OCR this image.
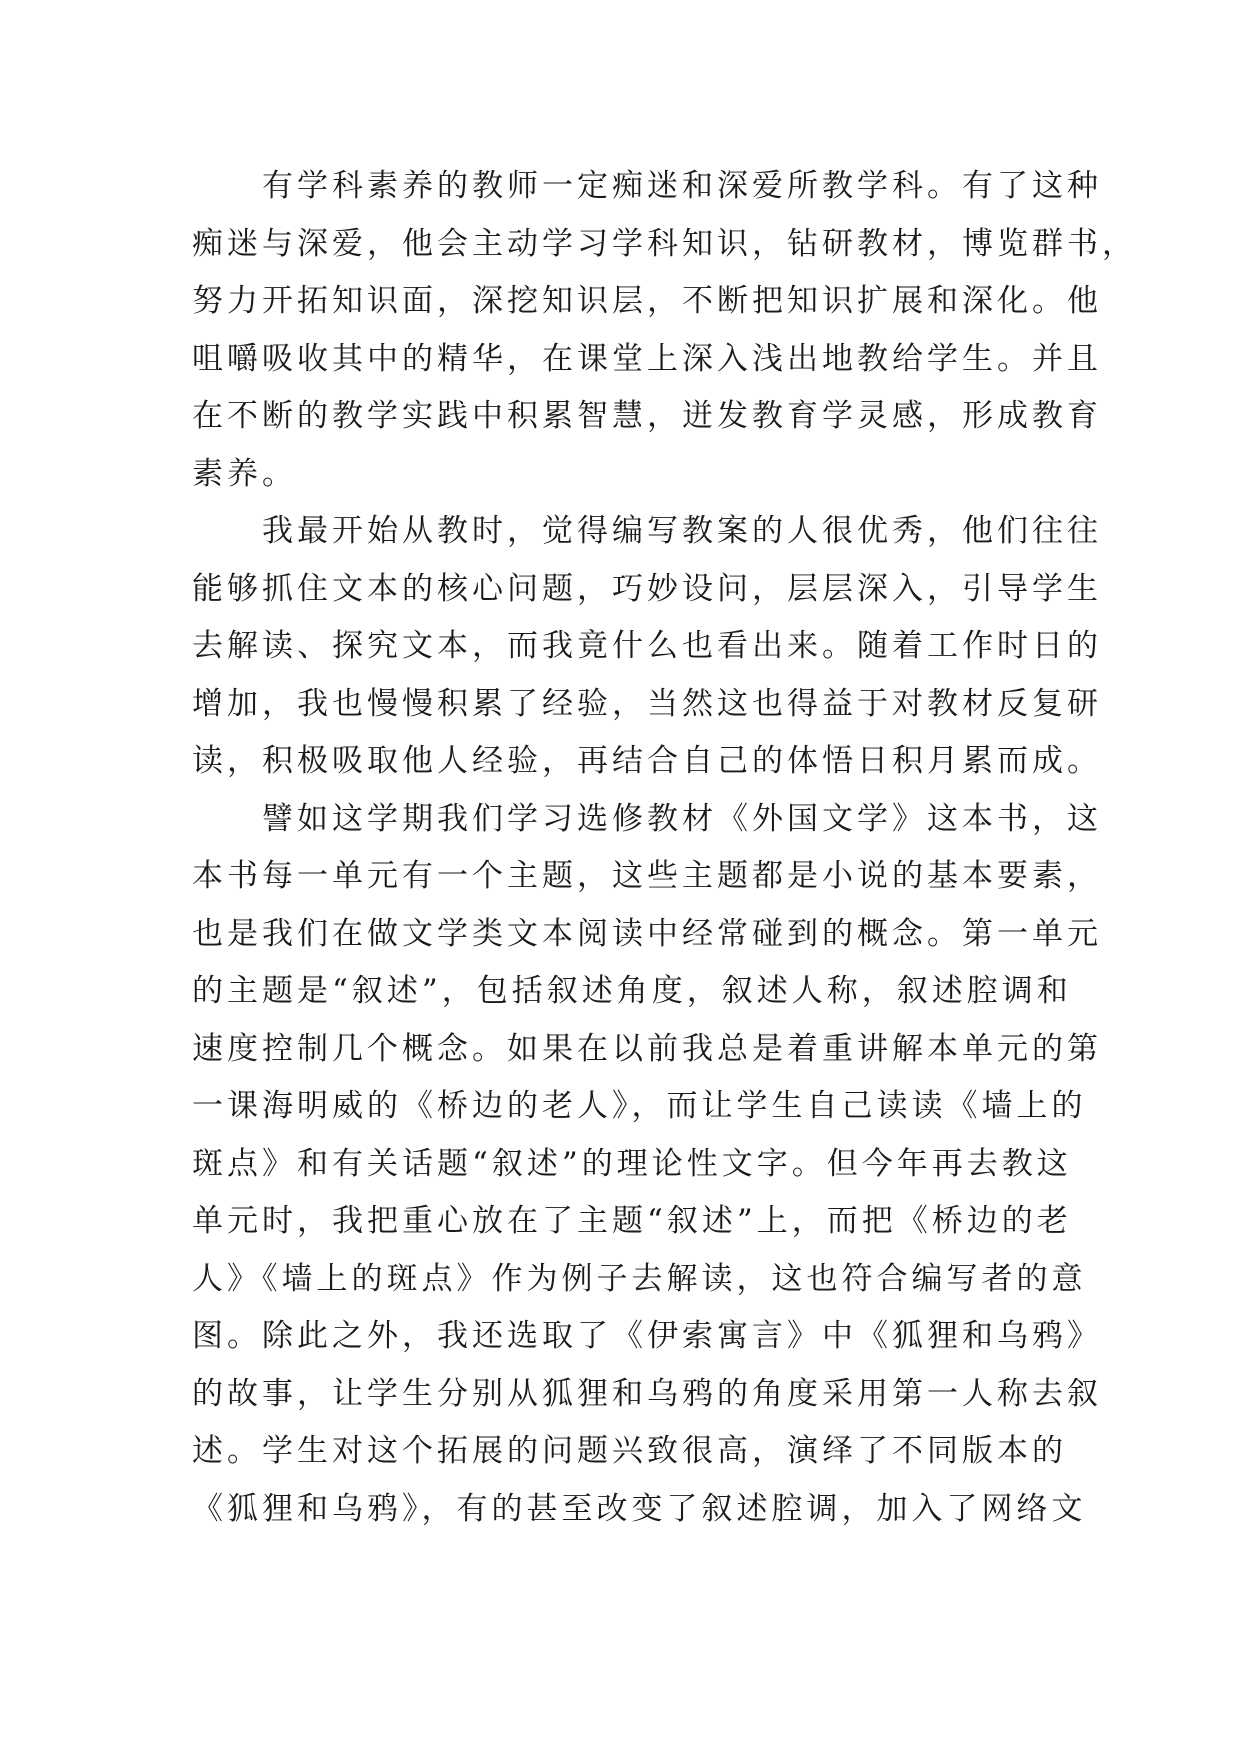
有学科素养的教师一定痴迷和深爱所教学科。有了这种
痴迷与深爱，他会主动学习学科知识，钻研教材，博览群书，
努力开拓知识面，深挖知识层，不断把知识扩展和深化。他
咀嚼吸收其中的精华，在课堂上深入浅出地教给学生。并且
在不断的教学实践中积累智慧，迸发教育学灵感，形成教育
素养。
我最开始从教时，觉得编写教案的人很优秀，他们往往
能够抓住文本的核心问题，巧妙设问，层层深入，引导学生
去解读、探究文本，而我竟什么也看出来。随着工作时日的
增加，我也慢慢积累了经验，当然这也得益于对教材反复研
读，积极吸取他人经验，再结合自己的体悟日积月累而成。
譬如这学期我们学习选修教材《外国文学》这本书，这
本书每一单元有一个主题，这些主题都是小说的基本要素，
也是我们在做文学类文本阅读中经常碰到的概念。第一单元
的主题是“叙述”，包括叙述角度，叙述人称，叙述腔调和
速度控制几个概念。如果在以前我总是着重讲解本单元的第
一课海明威的《桥边的老人》，而让学生自己读读《墙上的
斑点》和有关话题“叙述”的理论性文字。但今年再去教这
单元时，我把重心放在了主题“叙述”上，而把《桥边的老
人》《墙上的斑点》作为例子去解读，这也符合编写者的意
图。除此之外，我还选取了《伊索寓言》中《狐狸和乌鸦》
的故事，让学生分别从狐狸和乌鸦的角度采用第一人称去叙
述。学生对这个拓展的问题兴致很高，演绎了不同版本的
《狐狸和乌鸦》，有的甚至改变了叙述腔调，加入了网络文
